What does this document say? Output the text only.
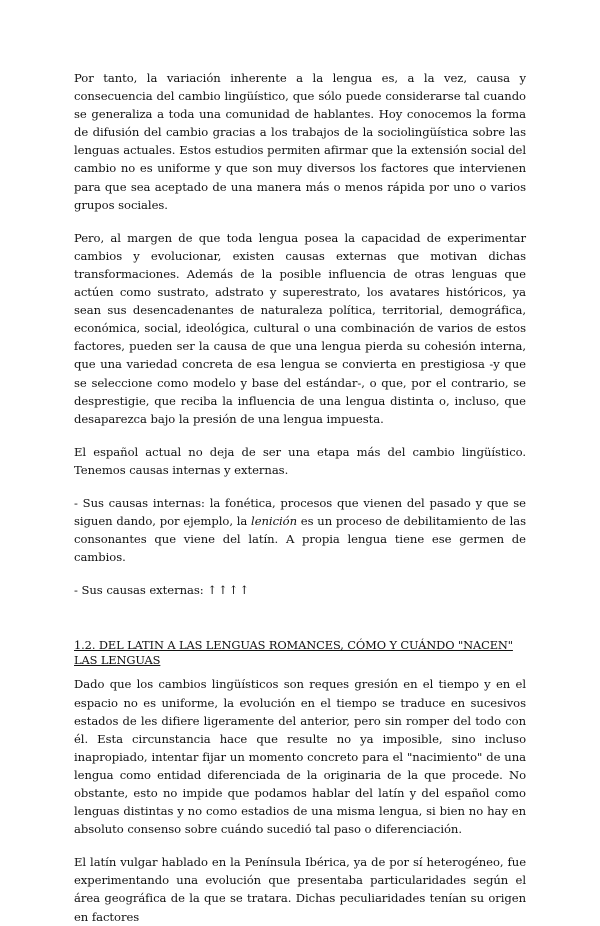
Por tanto, la variación inherente a la lengua es, a la vez, causa y consecuencia del cambio lingüístico, que sólo puede considerarse tal cuando se generaliza a toda una comunidad de hablantes. Hoy conocemos la forma de difusión del cambio gracias a los trabajos de la sociolingüística sobre las lenguas actuales. Estos estudios permiten afirmar que la extensión social del cambio no es uniforme y que son muy diversos los factores que intervienen para que sea aceptado de una manera más o menos rápida por uno o varios grupos sociales.

Pero, al margen de que toda lengua posea la capacidad de experimentar cambios y evolucionar, existen causas externas que motivan dichas transformaciones. Además de la posible influencia de otras lenguas que actúen como sustrato, adstrato y superestrato, los avatares históricos, ya sean sus desencadenantes de naturaleza política, territorial, demográfica, económica, social, ideológica, cultural o una combinación de varios de estos factores, pueden ser la causa de que una lengua pierda su cohesión interna, que una variedad concreta de esa lengua se convierta en prestigiosa -y que se seleccione como modelo y base del estándar-, o que, por el contrario, se desprestigie, que reciba la influencia de una lengua distinta o, incluso, que desaparezca bajo la presión de una lengua impuesta.

El español actual no deja de ser una etapa más del cambio lingüístico. Tenemos causas internas y externas.

- Sus causas internas: la fonética, procesos que vienen del pasado y que se siguen dando, por ejemplo, la lenición es un proceso de debilitamiento de las consonantes que viene del latín. A propia lengua tiene ese germen de cambios.

- Sus causas externas: ↑↑↑↑

1.2. DEL LATIN A LAS LENGUAS ROMANCES, CÓMO Y CUÁNDO "NACEN" LAS LENGUAS

Dado que los cambios lingüísticos son reques gresión en el tiempo y en el espacio no es uniforme, la evolución en el tiempo se traduce en sucesivos estados de les difiere ligeramente del anterior, pero sin romper del todo con él. Esta circunstancia hace que resulte no ya imposible, sino incluso inapropiado, intentar fijar un momento concreto para el "nacimiento" de una lengua como entidad diferenciada de la originaria de la que procede. No obstante, esto no impide que podamos hablar del latín y del español como lenguas distintas y no como estadios de una misma lengua, si bien no hay en absoluto consenso sobre cuándo sucedió tal paso o diferenciación.

El latín vulgar hablado en la Península Ibérica, ya de por sí heterogéneo, fue experimentando una evolución que presentaba particularidades según el área geográfica de la que se tratara. Dichas peculiaridades tenían su origen en factores
